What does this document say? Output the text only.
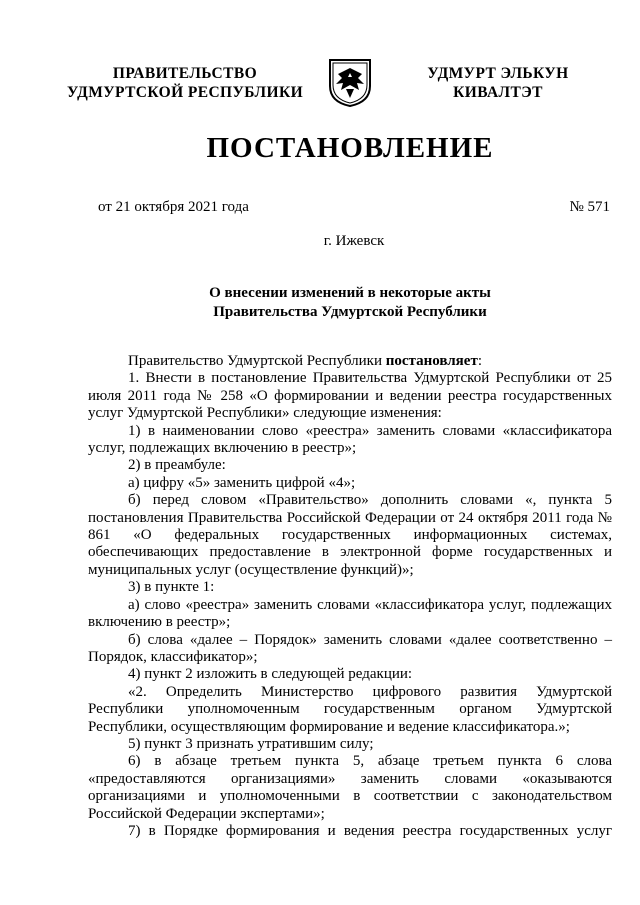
ПРАВИТЕЛЬСТВО
УДМУРТСКОЙ РЕСПУБЛИКИ
УДМУРТ ЭЛЬКУН
КИВАЛТЭТ
ПОСТАНОВЛЕНИЕ
от 21 октября 2021 года	№ 571
г. Ижевск
О внесении изменений в некоторые акты
Правительства Удмуртской Республики

Правительство Удмуртской Республики постановляет:

1. Внести в постановление Правительства Удмуртской Республики от 25 июля 2011 года № 258 «О формировании и ведении реестра государственных услуг Удмуртской Республики» следующие изменения:

1) в наименовании слово «реестра» заменить словами «классификатора услуг, подлежащих включению в реестр»;

2) в преамбуле:

а) цифру «5» заменить цифрой «4»;

б) перед словом «Правительство» дополнить словами «, пункта 5 постановления Правительства Российской Федерации от 24 октября 2011 года № 861 «О федеральных государственных информационных системах, обеспечивающих предоставление в электронной форме государственных и муниципальных услуг (осуществление функций)»;

3) в пункте 1:

а) слово «реестра» заменить словами «классификатора услуг, подлежащих включению в реестр»;

б) слова «далее – Порядок» заменить словами «далее соответственно – Порядок, классификатор»;

4) пункт 2 изложить в следующей редакции:

«2. Определить Министерство цифрового развития Удмуртской Республики уполномоченным государственным органом Удмуртской Республики, осуществляющим формирование и ведение классификатора.»;

5) пункт 3 признать утратившим силу;

6) в абзаце третьем пункта 5, абзаце третьем пункта 6 слова «предоставляются организациями» заменить словами «оказываются организациями и уполномоченными в соответствии с законодательством Российской Федерации экспертами»;

7) в Порядке формирования и ведения реестра государственных услуг
